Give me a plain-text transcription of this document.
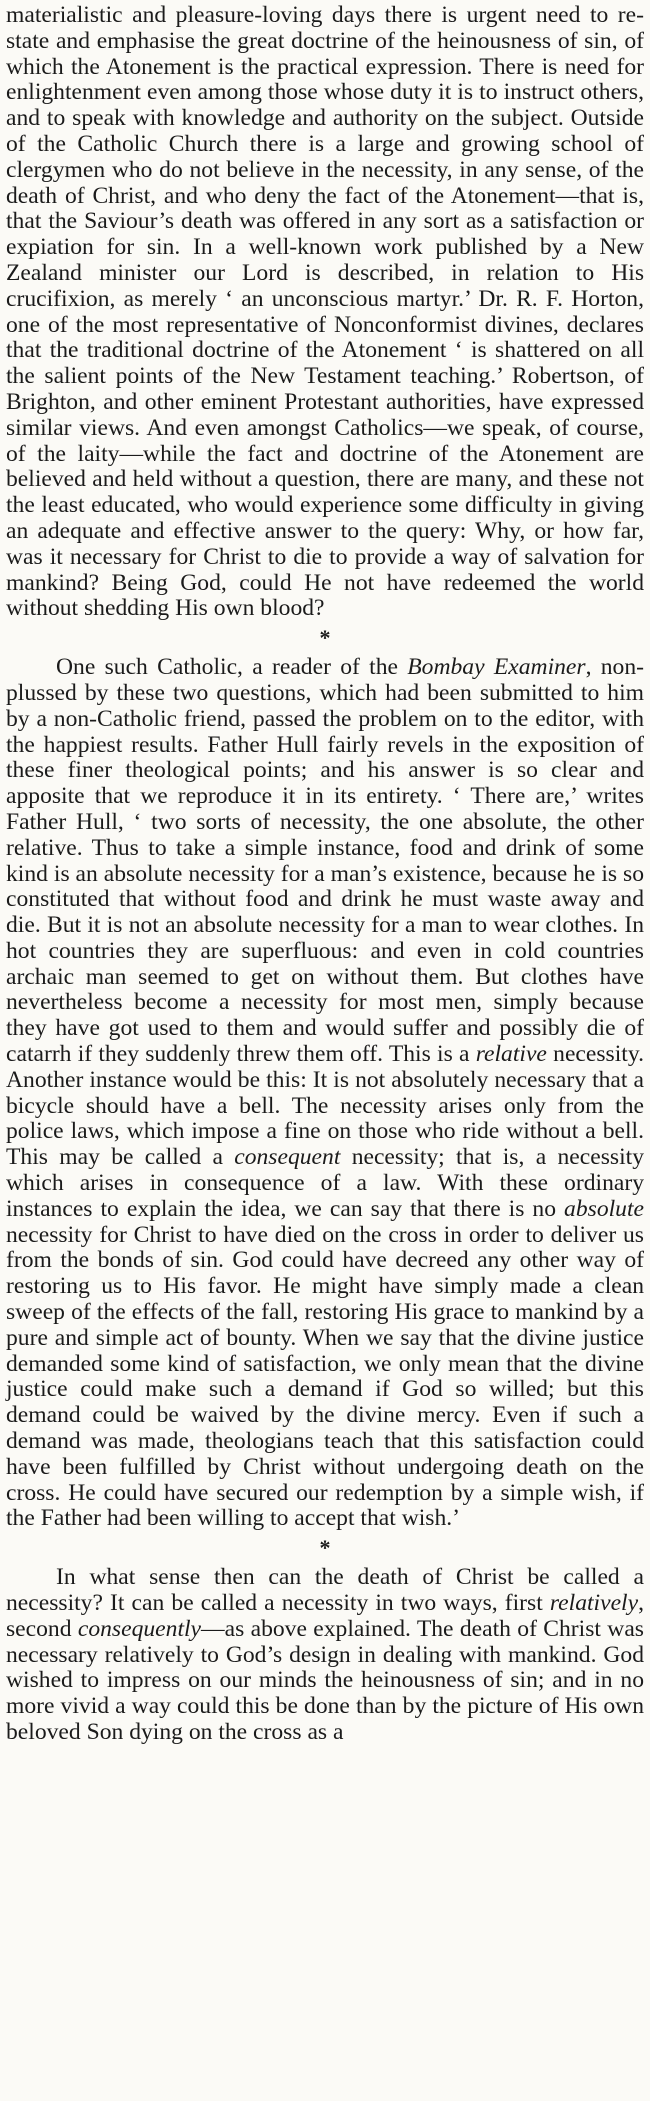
materialistic and pleasure-loving days there is urgent need to re-state and emphasise the great doctrine of the heinousness of sin, of which the Atonement is the practical expression. There is need for enlightenment even among those whose duty it is to instruct others, and to speak with knowledge and authority on the subject. Outside of the Catholic Church there is a large and growing school of clergymen who do not believe in the necessity, in any sense, of the death of Christ, and who deny the fact of the Atonement—that is, that the Saviour’s death was offered in any sort as a satisfaction or expiation for sin. In a well-known work published by a New Zealand minister our Lord is described, in relation to His crucifixion, as merely ‘ an unconscious martyr.’ Dr. R. F. Horton, one of the most representative of Nonconformist divines, declares that the traditional doctrine of the Atonement ‘ is shattered on all the salient points of the New Testament teaching.’ Robertson, of Brighton, and other eminent Protestant authorities, have expressed similar views. And even amongst Catholics—we speak, of course, of the laity—while the fact and doctrine of the Atonement are believed and held without a question, there are many, and these not the least educated, who would experience some difficulty in giving an adequate and effective answer to the query: Why, or how far, was it necessary for Christ to die to provide a way of salvation for mankind? Being God, could He not have redeemed the world without shedding His own blood?

*

One such Catholic, a reader of the Bombay Examiner, non-plussed by these two questions, which had been submitted to him by a non-Catholic friend, passed the problem on to the editor, with the happiest results. Father Hull fairly revels in the exposition of these finer theological points; and his answer is so clear and apposite that we reproduce it in its entirety. ‘ There are,’ writes Father Hull, ‘ two sorts of necessity, the one absolute, the other relative. Thus to take a simple instance, food and drink of some kind is an absolute necessity for a man’s existence, because he is so constituted that without food and drink he must waste away and die. But it is not an absolute necessity for a man to wear clothes. In hot countries they are superfluous: and even in cold countries archaic man seemed to get on without them. But clothes have nevertheless become a necessity for most men, simply because they have got used to them and would suffer and possibly die of catarrh if they suddenly threw them off. This is a relative necessity. Another instance would be this: It is not absolutely necessary that a bicycle should have a bell. The necessity arises only from the police laws, which impose a fine on those who ride without a bell. This may be called a consequent necessity; that is, a necessity which arises in consequence of a law. With these ordinary instances to explain the idea, we can say that there is no absolute necessity for Christ to have died on the cross in order to deliver us from the bonds of sin. God could have decreed any other way of restoring us to His favor. He might have simply made a clean sweep of the effects of the fall, restoring His grace to mankind by a pure and simple act of bounty. When we say that the divine justice demanded some kind of satisfaction, we only mean that the divine justice could make such a demand if God so willed; but this demand could be waived by the divine mercy. Even if such a demand was made, theologians teach that this satisfaction could have been fulfilled by Christ without undergoing death on the cross. He could have secured our redemption by a simple wish, if the Father had been willing to accept that wish.’

*

In what sense then can the death of Christ be called a necessity? It can be called a necessity in two ways, first relatively, second consequently—as above explained. The death of Christ was necessary relatively to God’s design in dealing with mankind. God wished to impress on our minds the heinousness of sin; and in no more vivid a way could this be done than by the picture of His own beloved Son dying on the cross as a
